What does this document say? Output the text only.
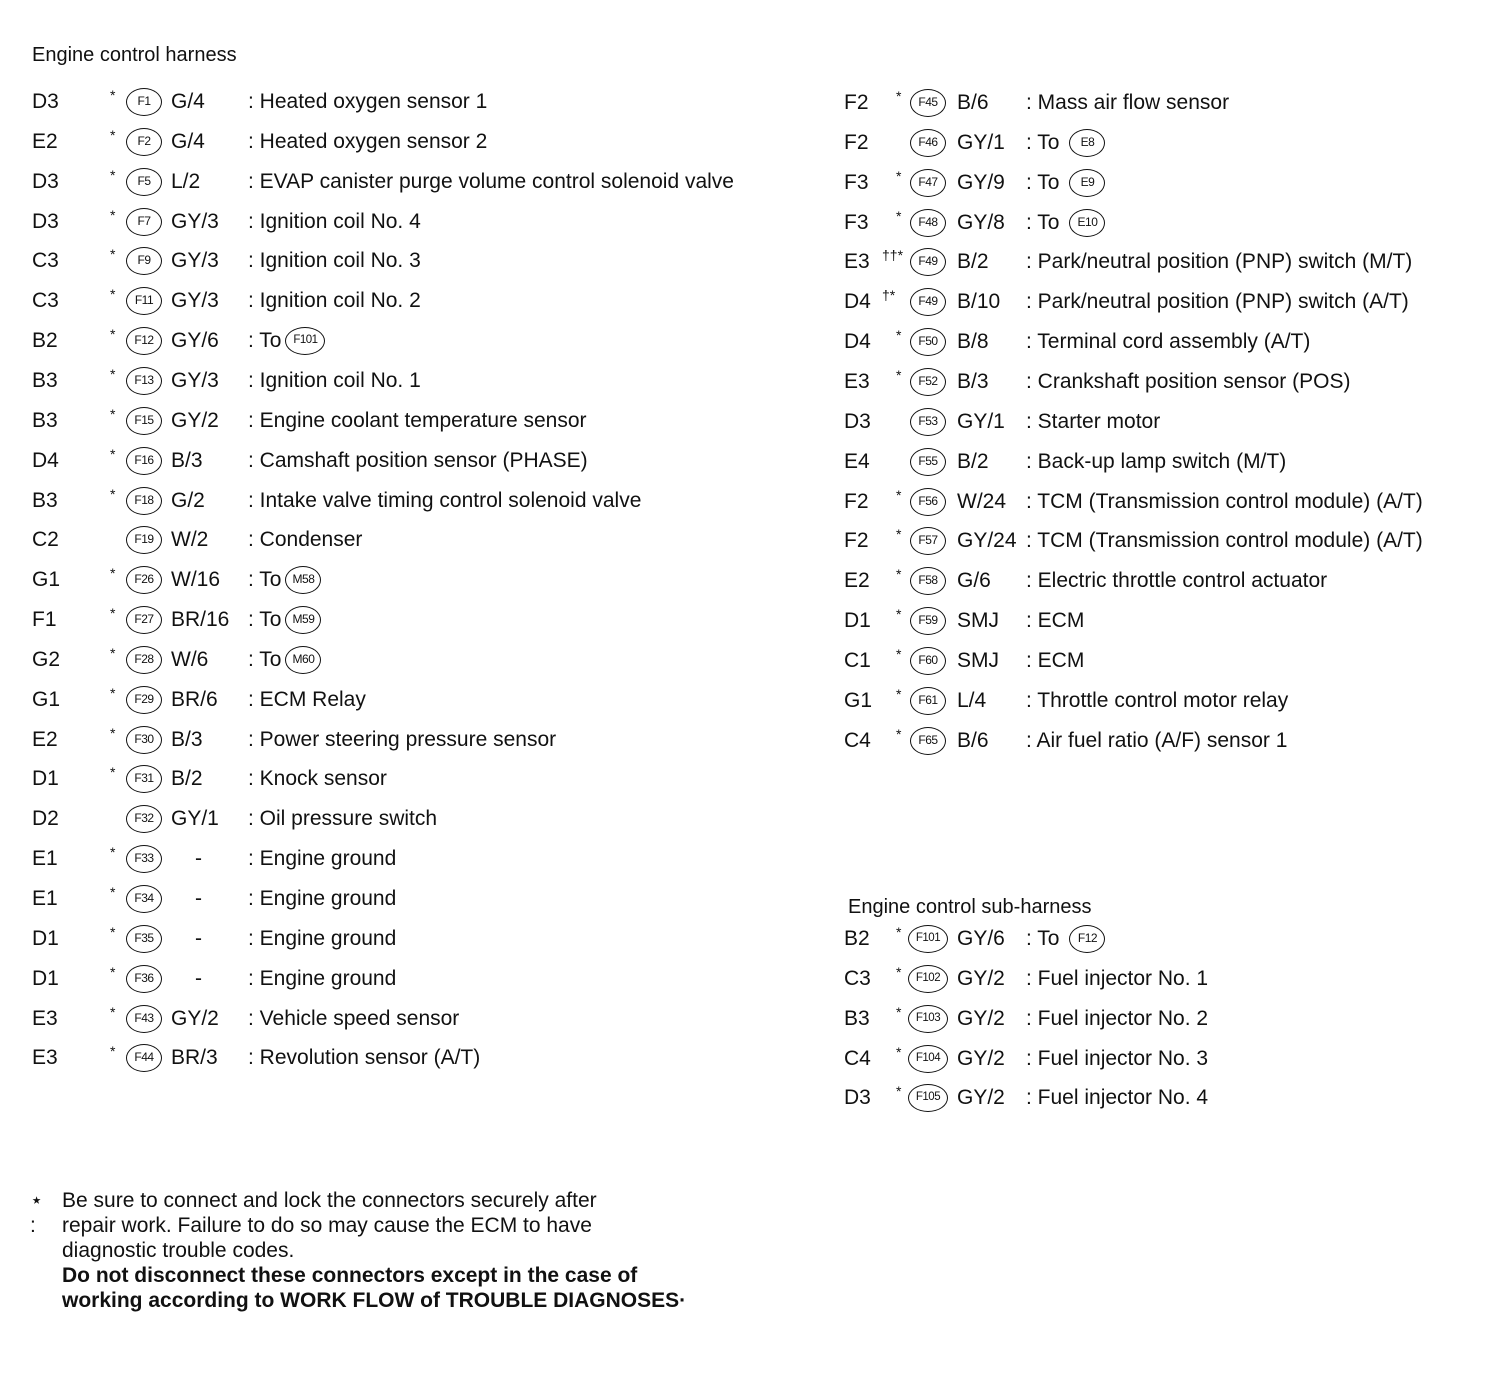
Engine control harness
D3	*	F1 G/4 : Heated oxygen sensor 1
E2	*	F2 G/4 : Heated oxygen sensor 2
D3	*	F5 L/2 : EVAP canister purge volume control solenoid valve
D3	*	F7 GY/3 : Ignition coil No. 4
C3	*	F9 GY/3 : Ignition coil No. 3
C3	*	F11 GY/3 : Ignition coil No. 2
B2	*	F12 GY/6 : To F101
B3	*	F13 GY/3 : Ignition coil No. 1
B3	*	F15 GY/2 : Engine coolant temperature sensor
D4	*	F16 B/3 : Camshaft position sensor (PHASE)
B3	*	F18 G/2 : Intake valve timing control solenoid valve
C2	F19 W/2 : Condenser
G1	*	F26 W/16 : To M58
F1	*	F27 BR/16 : To M59
G2	*	F28 W/6 : To M60
G1	*	F29 BR/6 : ECM Relay
E2	*	F30 B/3 : Power steering pressure sensor
D1	*	F31 B/2 : Knock sensor
D2	F32 GY/1 : Oil pressure switch
E1	*	F33	- : Engine ground
E1	*	F34	- : Engine ground
D1	*	F35	- : Engine ground
D1	*	F36	- : Engine ground
E3	*	F43 GY/2 : Vehicle speed sensor
E3	*	F44 BR/3 : Revolution sensor (A/T)
F2 *	F45 B/6 : Mass air flow sensor
F2	F46 GY/1 : To E8
F3 *	F47 GY/9 : To E9
F3 *	F48 GY/8 : To E10
E3 ††*	F49 B/2 : Park/neutral position (PNP) switch (M/T)
D4 †*	F49 B/10 : Park/neutral position (PNP) switch (A/T)
D4 *	F50 B/8 : Terminal cord assembly (A/T)
E3 *	F52 B/3 : Crankshaft position sensor (POS)
D3	F53 GY/1 : Starter motor
E4	F55 B/2 : Back-up lamp switch (M/T)
F2 *	F56 W/24 : TCM (Transmission control module) (A/T)
F2 *	F57 GY/24 : TCM (Transmission control module) (A/T)
E2 *	F58 G/6 : Electric throttle control actuator
D1 *	F59 SMJ : ECM
C1 *	F60 SMJ : ECM
G1 *	F61 L/4 : Throttle control motor relay
C4 *	F65 B/6 : Air fuel ratio (A/F) sensor 1
Engine control sub-harness
B2 *	F101 GY/6 : To F12
C3 *	F102 GY/2 : Fuel injector No. 1
B3 *	F103 GY/2 : Fuel injector No. 2
C4 *	F104 GY/2 : Fuel injector No. 3
D3 *	F105 GY/2 : Fuel injector No. 4
⋆ :
Be sure to connect and lock the connectors securely after
repair work. Failure to do so may cause the ECM to have
diagnostic trouble codes.
Do not disconnect these connectors except in the case of
working according to WORK FLOW of TROUBLE DIAGNOSES·
